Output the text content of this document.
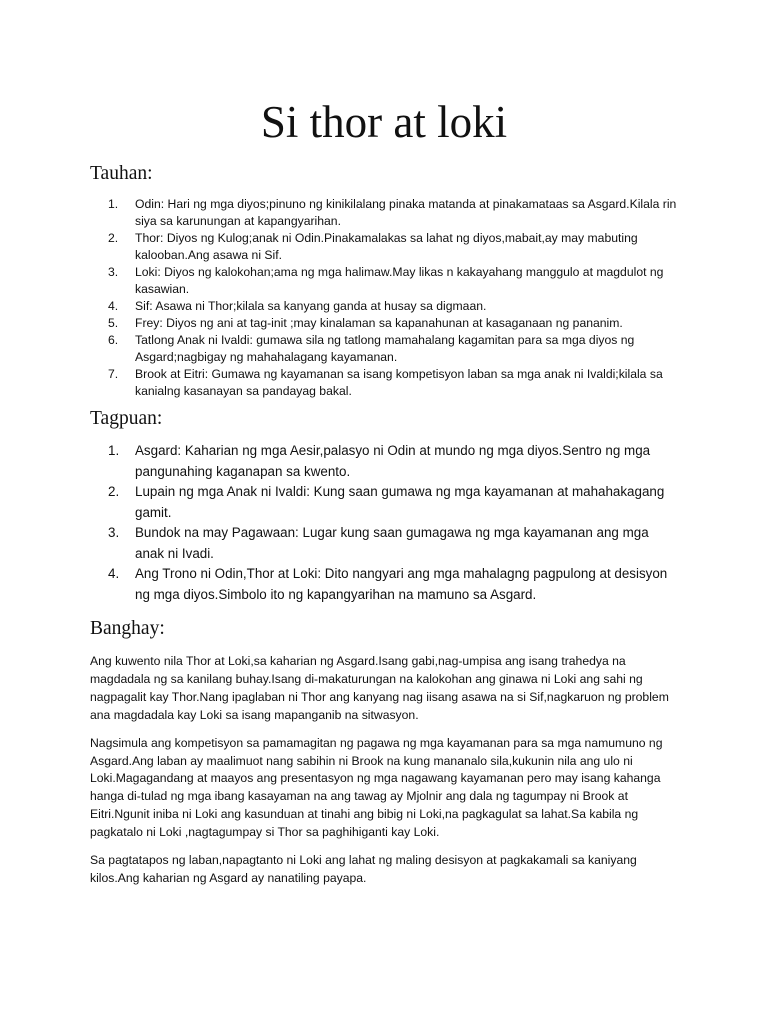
Si thor at loki
Tauhan:
1. Odin: Hari ng mga diyos;pinuno ng kinikilalang pinaka matanda at pinakamataas sa Asgard.Kilala rin siya sa karunungan at kapangyarihan.
2. Thor: Diyos ng Kulog;anak ni Odin.Pinakamalakas sa lahat ng diyos,mabait,ay may mabuting kalooban.Ang asawa ni Sif.
3. Loki: Diyos ng kalokohan;ama ng mga halimaw.May likas n kakayahang manggulo at magdulot ng kasawian.
4. Sif: Asawa ni Thor;kilala sa kanyang ganda at husay sa digmaan.
5. Frey: Diyos ng ani at tag-init ;may kinalaman sa kapanahunan at kasaganaan ng pananim.
6. Tatlong Anak ni Ivaldi: gumawa sila ng tatlong mamahalang kagamitan para sa mga diyos ng Asgard;nagbigay ng mahahalagang kayamanan.
7. Brook at Eitri: Gumawa ng kayamanan sa isang kompetisyon laban sa mga anak ni Ivaldi;kilala sa kanialng kasanayan sa pandayag bakal.
Tagpuan:
1. Asgard: Kaharian ng mga Aesir,palasyo ni Odin at mundo ng mga diyos.Sentro ng mga pangunahing kaganapan sa kwento.
2. Lupain ng mga Anak ni Ivaldi: Kung saan gumawa ng mga kayamanan at mahahakagang gamit.
3. Bundok na may Pagawaan: Lugar kung saan gumagawa ng mga kayamanan ang mga anak ni Ivadi.
4. Ang Trono ni Odin,Thor at Loki: Dito nangyari ang mga mahalagng pagpulong at desisyon ng mga diyos.Simbolo ito ng kapangyarihan na mamuno sa Asgard.
Banghay:

Ang kuwento nila Thor at Loki,sa kaharian ng Asgard.Isang gabi,nag-umpisa ang isang trahedya na magdadala ng sa kanilang buhay.Isang di-makaturungan na kalokohan ang ginawa ni Loki ang sahi ng nagpagalit kay Thor.Nang ipaglaban ni Thor ang kanyang nag iisang asawa na si Sif,nagkaruon ng problem ana magdadala kay Loki sa isang mapanganib na sitwasyon.

Nagsimula ang kompetisyon sa pamamagitan ng pagawa ng mga kayamanan para sa mga namumuno ng Asgard.Ang laban ay maalimuot nang sabihin ni Brook na kung mananalo sila,kukunin nila ang ulo ni Loki.Magagandang at maayos ang presentasyon ng mga nagawang kayamanan pero may isang kahanga hanga di-tulad ng mga ibang kasayaman na ang tawag ay Mjolnir ang dala ng tagumpay ni Brook at Eitri.Ngunit iniba ni Loki ang kasunduan at tinahi ang bibig ni Loki,na pagkagulat sa lahat.Sa kabila ng pagkatalo ni Loki ,nagtagumpay si Thor sa paghihiganti kay Loki.

Sa pagtatapos ng laban,napagtanto ni Loki ang lahat ng maling desisyon at pagkakamali sa kaniyang kilos.Ang kaharian ng Asgard ay nanatiling payapa.
